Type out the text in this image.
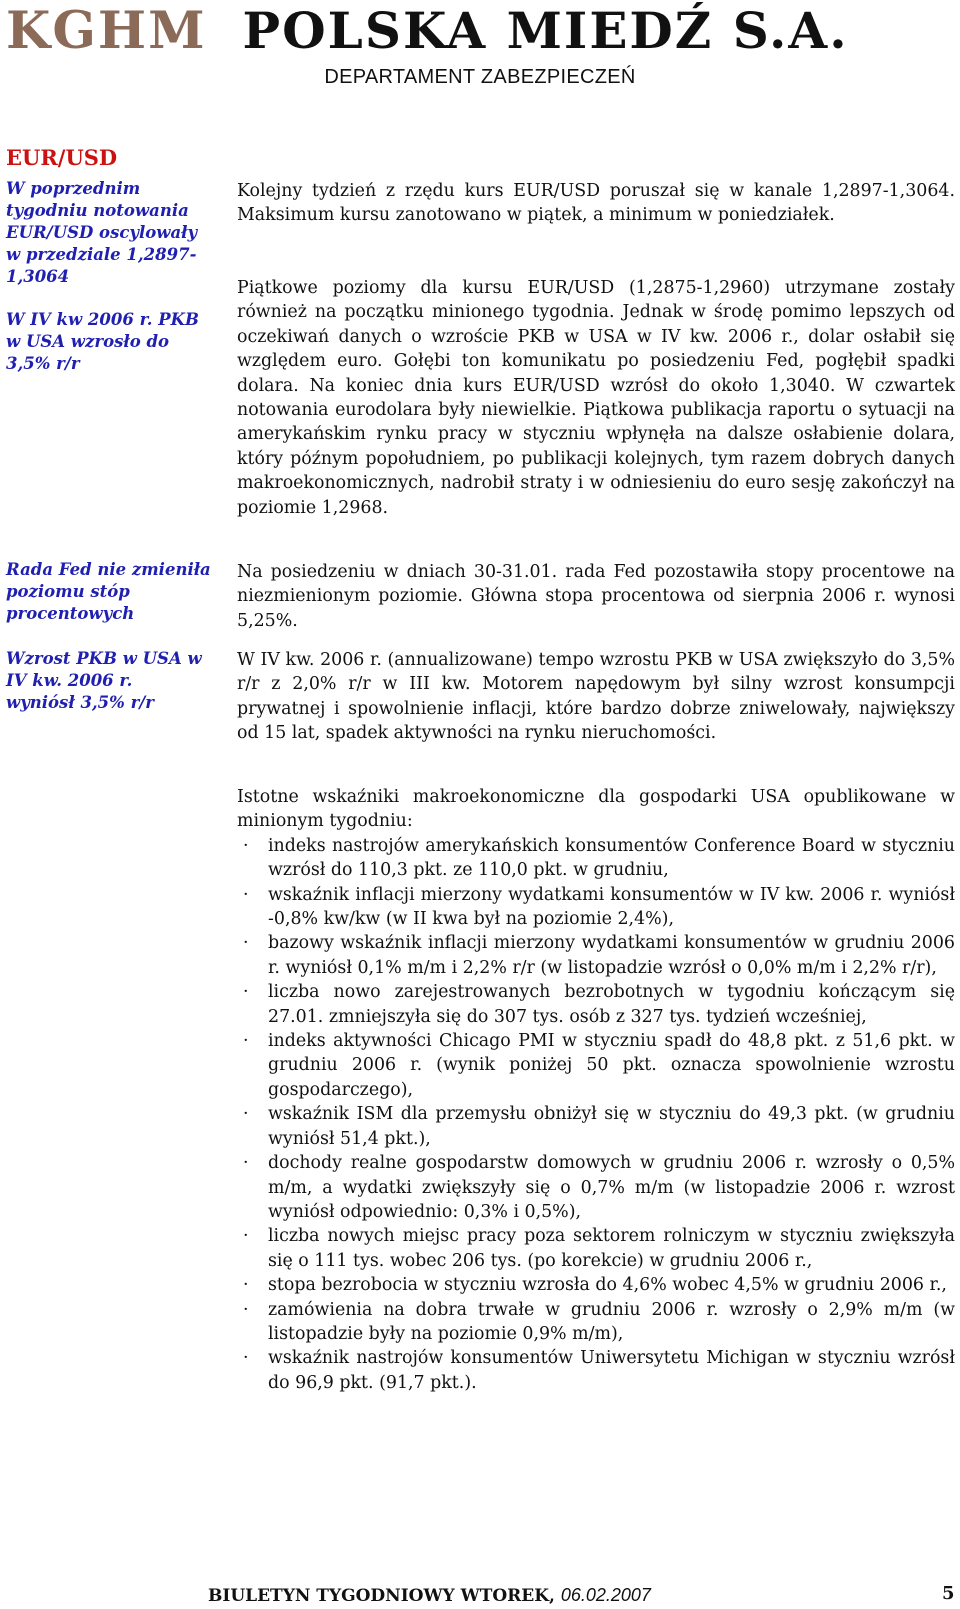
KGHM POLSKA MIEDŹ S.A.
DEPARTAMENT ZABEZPIECZEŃ
EUR/USD
W poprzednim tygodniu notowania EUR/USD oscylowały w przedziale 1,2897-1,3064
W IV kw 2006 r. PKB w USA wzrosło do 3,5% r/r
Rada Fed nie zmieniła poziomu stóp procentowych
Wzrost PKB w USA w IV kw. 2006 r. wyniósł 3,5% r/r

Kolejny tydzień z rzędu kurs EUR/USD poruszał się w kanale 1,2897-1,3064. Maksimum kursu zanotowano w piątek, a minimum w poniedziałek.

Piątkowe poziomy dla kursu EUR/USD (1,2875-1,2960) utrzymane zostały również na początku minionego tygodnia. Jednak w środę pomimo lepszych od oczekiwań danych o wzroście PKB w USA w IV kw. 2006 r., dolar osłabił się względem euro. Gołębi ton komunikatu po posiedzeniu Fed, pogłębił spadki dolara. Na koniec dnia kurs EUR/USD wzrósł do około 1,3040. W czwartek notowania eurodolara były niewielkie. Piątkowa publikacja raportu o sytuacji na amerykańskim rynku pracy w styczniu wpłynęła na dalsze osłabienie dolara, który późnym popołudniem, po publikacji kolejnych, tym razem dobrych danych makroekonomicznych, nadrobił straty i w odniesieniu do euro sesję zakończył na poziomie 1,2968.

Na posiedzeniu w dniach 30-31.01. rada Fed pozostawiła stopy procentowe na niezmienionym poziomie. Główna stopa procentowa od sierpnia 2006 r. wynosi 5,25%.

W IV kw. 2006 r. (annualizowane) tempo wzrostu PKB w USA zwiększyło do 3,5% r/r z 2,0% r/r w III kw. Motorem napędowym był silny wzrost konsumpcji prywatnej i spowolnienie inflacji, które bardzo dobrze zniwelowały, największy od 15 lat, spadek aktywności na rynku nieruchomości.

Istotne wskaźniki makroekonomiczne dla gospodarki USA opublikowane w minionym tygodniu:

· indeks nastrojów amerykańskich konsumentów Conference Board w styczniu wzrósł do 110,3 pkt. ze 110,0 pkt. w grudniu,
· wskaźnik inflacji mierzony wydatkami konsumentów w IV kw. 2006 r. wyniósł -0,8% kw/kw (w II kwa był na poziomie 2,4%),
· bazowy wskaźnik inflacji mierzony wydatkami konsumentów w grudniu 2006 r. wyniósł 0,1% m/m i 2,2% r/r (w listopadzie wzrósł o 0,0% m/m i 2,2% r/r),
· liczba nowo zarejestrowanych bezrobotnych w tygodniu kończącym się 27.01. zmniejszyła się do 307 tys. osób z 327 tys. tydzień wcześniej,
· indeks aktywności Chicago PMI w styczniu spadł do 48,8 pkt. z 51,6 pkt. w grudniu 2006 r. (wynik poniżej 50 pkt. oznacza spowolnienie wzrostu gospodarczego),
· wskaźnik ISM dla przemysłu obniżył się w styczniu do 49,3 pkt. (w grudniu wyniósł 51,4 pkt.),
· dochody realne gospodarstw domowych w grudniu 2006 r. wzrosły o 0,5% m/m, a wydatki zwiększyły się o 0,7% m/m (w listopadzie 2006 r. wzrost wyniósł odpowiednio: 0,3% i 0,5%),
· liczba nowych miejsc pracy poza sektorem rolniczym w styczniu zwiększyła się o 111 tys. wobec 206 tys. (po korekcie) w grudniu 2006 r.,
· stopa bezrobocia w styczniu wzrosła do 4,6% wobec 4,5% w grudniu 2006 r.,
· zamówienia na dobra trwałe w grudniu 2006 r. wzrosły o 2,9% m/m (w listopadzie były na poziomie 0,9% m/m),
· wskaźnik nastrojów konsumentów Uniwersytetu Michigan w styczniu wzrósł do 96,9 pkt. (91,7 pkt.).
BIULETYN TYGODNIOWY WTOREK, 06.02.2007	5
